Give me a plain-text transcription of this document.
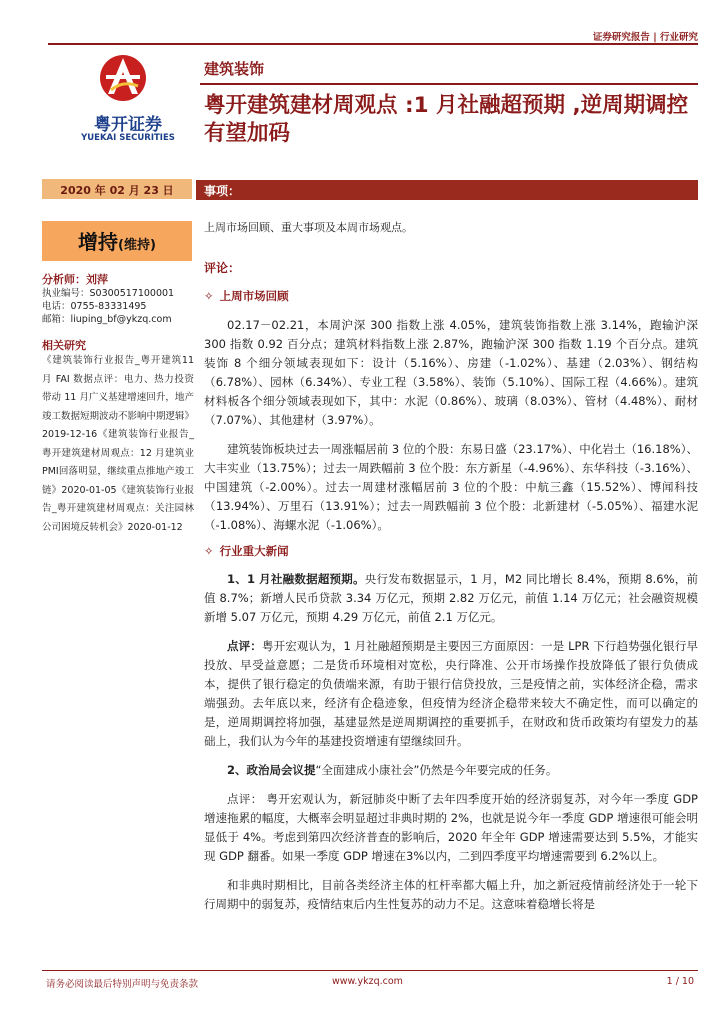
证券研究报告 | 行业研究
粤开证券
YUEKAI SECURITIES
建筑装饰
粤开建筑建材周观点 :1 月社融超预期 ,逆周期调控有望加码
2020 年 02 月 23 日	事项：
增持(维持)
分析师：刘萍
执业编号：S0300517100001
电话：0755-83331495
邮箱：liuping_bf@ykzq.com
相关研究
《建筑装饰行业报告_粤开建筑11 月 FAI 数据点评：电力、热力投资带动 11 月广义基建增速回升，地产竣工数据短期波动不影响中期逻辑》2019-12-16《建筑装饰行业报告_粤开建筑建材周观点：12 月建筑业 PMI回落明显，继续重点推地产竣工链》2020-01-05《建筑装饰行业报告_粤开建筑建材周观点：关注园林公司困境反转机会》2020-01-12
上周市场回顾、重大事项及本周市场观点。
评论：
✧ 上周市场回顾

02.17－02.21，本周沪深 300 指数上涨 4.05%，建筑装饰指数上涨 3.14%，跑输沪深 300 指数 0.92 百分点；建筑材料指数上涨 2.87%，跑输沪深 300 指数 1.19 个百分点。建筑装饰 8 个细分领域表现如下：设计（5.16%）、房建（-1.02%）、基建（2.03%）、钢结构（6.78%）、园林（6.34%）、专业工程（3.58%）、装饰（5.10%）、国际工程（4.66%）。建筑材料板各个细分领域表现如下，其中：水泥（0.86%）、玻璃（8.03%）、管材（4.48%）、耐材（7.07%）、其他建材（3.97%）。

建筑装饰板块过去一周涨幅居前 3 位的个股：东易日盛（23.17%）、中化岩土（16.18%）、大丰实业（13.75%）；过去一周跌幅前 3 位个股：东方新星（-4.96%）、东华科技（-3.16%）、中国建筑（-2.00%）。过去一周建材涨幅居前 3 位的个股：中航三鑫（15.52%）、博闻科技（13.94%）、万里石（13.91%）；过去一周跌幅前 3 位个股：北新建材（-5.05%）、福建水泥（-1.08%）、海螺水泥（-1.06%）。

✧ 行业重大新闻

1、1 月社融数据超预期。央行发布数据显示，1 月，M2 同比增长 8.4%，预期 8.6%，前值 8.7%；新增人民币贷款 3.34 万亿元，预期 2.82 万亿元，前值 1.14 万亿元；社会融资规模新增 5.07 万亿元，预期 4.29 万亿元，前值 2.1 万亿元。

点评：粤开宏观认为，1 月社融超预期是主要因三方面原因：一是 LPR 下行趋势强化银行早投放、早受益意愿；二是货币环境相对宽松，央行降准、公开市场操作投放降低了银行负债成本，提供了银行稳定的负债端来源，有助于银行信贷投放，三是疫情之前，实体经济企稳，需求端强劲。去年底以来，经济有企稳迹象，但疫情为经济企稳带来较大不确定性，而可以确定的是，逆周期调控将加强，基建显然是逆周期调控的重要抓手，在财政和货币政策均有望发力的基础上，我们认为今年的基建投资增速有望继续回升。

2、政治局会议提“全面建成小康社会”仍然是今年要完成的任务。

点评： 粤开宏观认为，新冠肺炎中断了去年四季度开始的经济弱复苏，对今年一季度 GDP 增速拖累的幅度，大概率会明显超过非典时期的 2%，也就是说今年一季度 GDP 增速很可能会明显低于 4%。考虑到第四次经济普查的影响后，2020 年全年 GDP 增速需要达到 5.5%，才能实现 GDP 翻番。如果一季度 GDP 增速在3%以内，二到四季度平均增速需要到 6.2%以上。

和非典时期相比，目前各类经济主体的杠杆率都大幅上升，加之新冠疫情前经济处于一轮下行周期中的弱复苏，疫情结束后内生性复苏的动力不足。这意味着稳增长将是

请务必阅读最后特别声明与免责条款	www.ykzq.com	1 / 10
